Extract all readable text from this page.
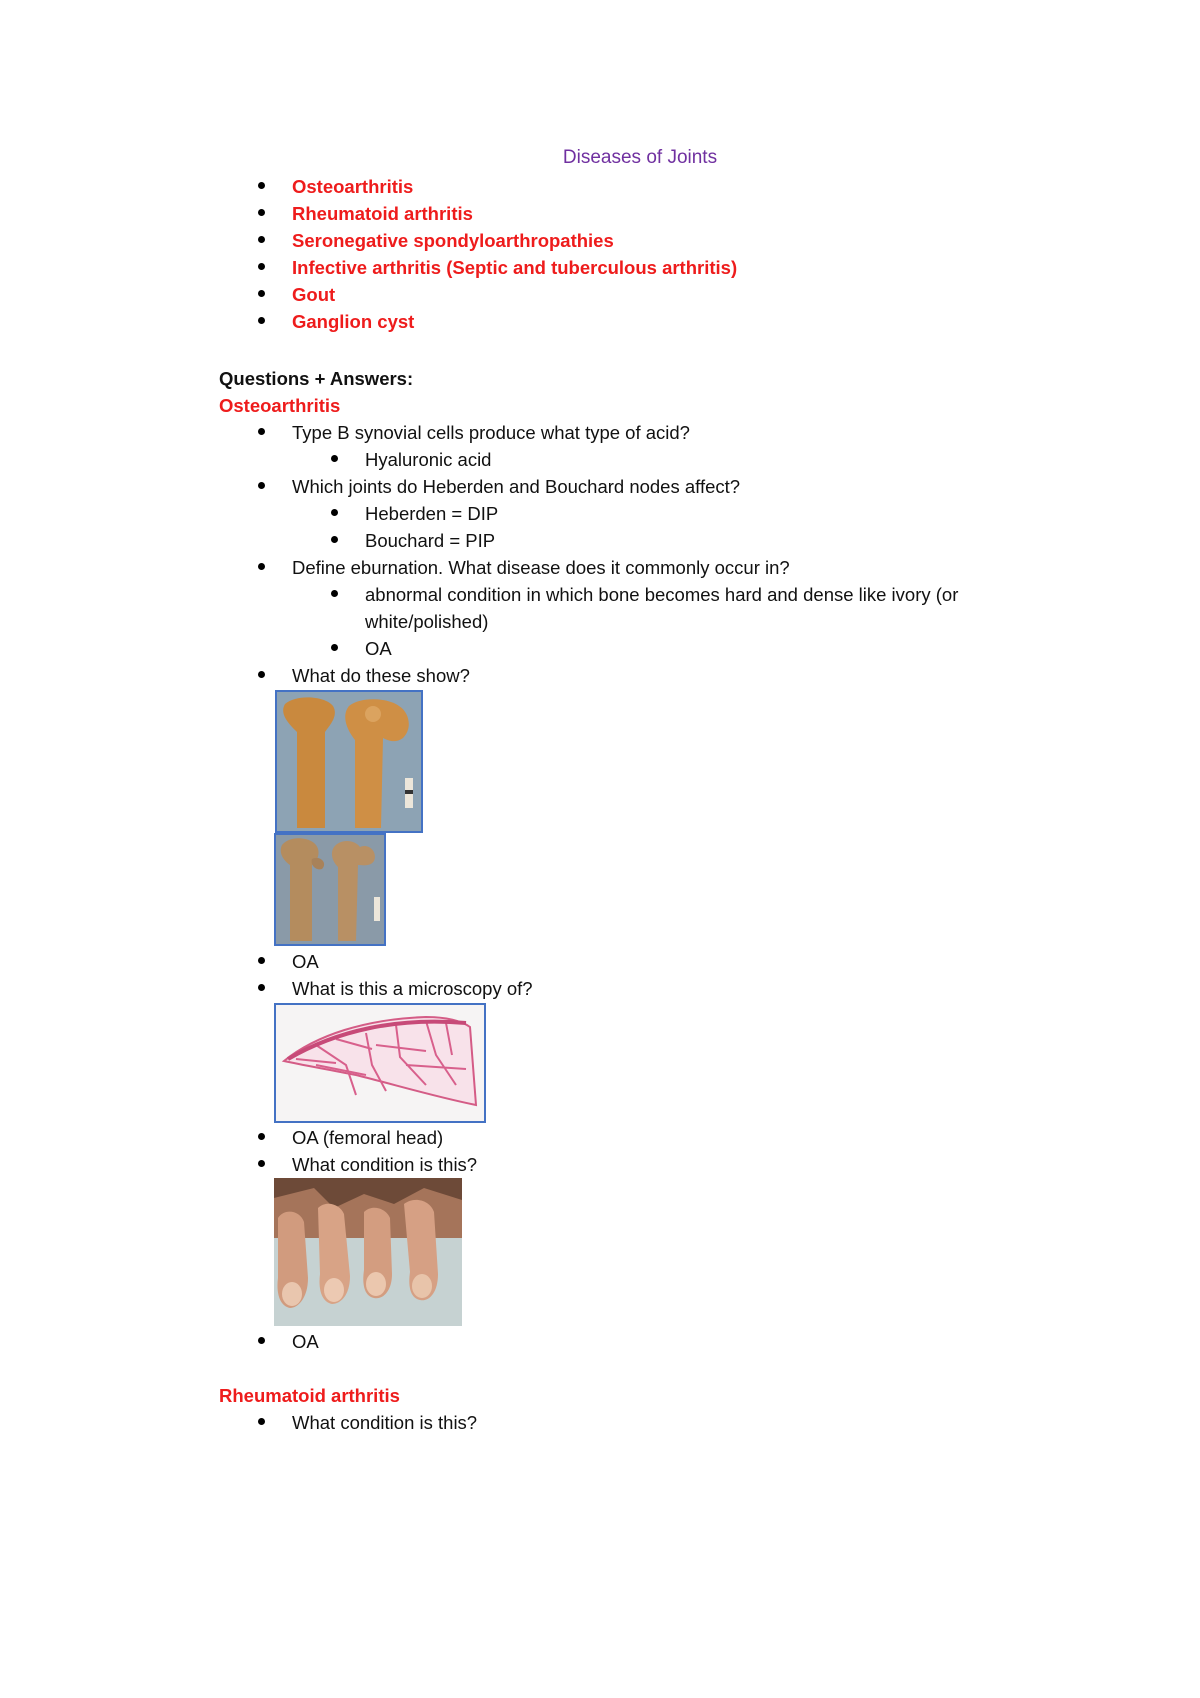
Diseases of Joints
Osteoarthritis
Rheumatoid arthritis
Seronegative spondyloarthropathies
Infective arthritis (Septic and tuberculous arthritis)
Gout
Ganglion cyst
Questions + Answers:
Osteoarthritis
Type B synovial cells produce what type of acid?
Hyaluronic acid
Which joints do Heberden and Bouchard nodes affect?
Heberden = DIP
Bouchard = PIP
Define eburnation. What disease does it commonly occur in?
abnormal condition in which bone becomes hard and dense like ivory (or
white/polished)
OA
What do these show?
OA
What is this a microscopy of?
OA (femoral head)
What condition is this?
OA
Rheumatoid arthritis
What condition is this?
